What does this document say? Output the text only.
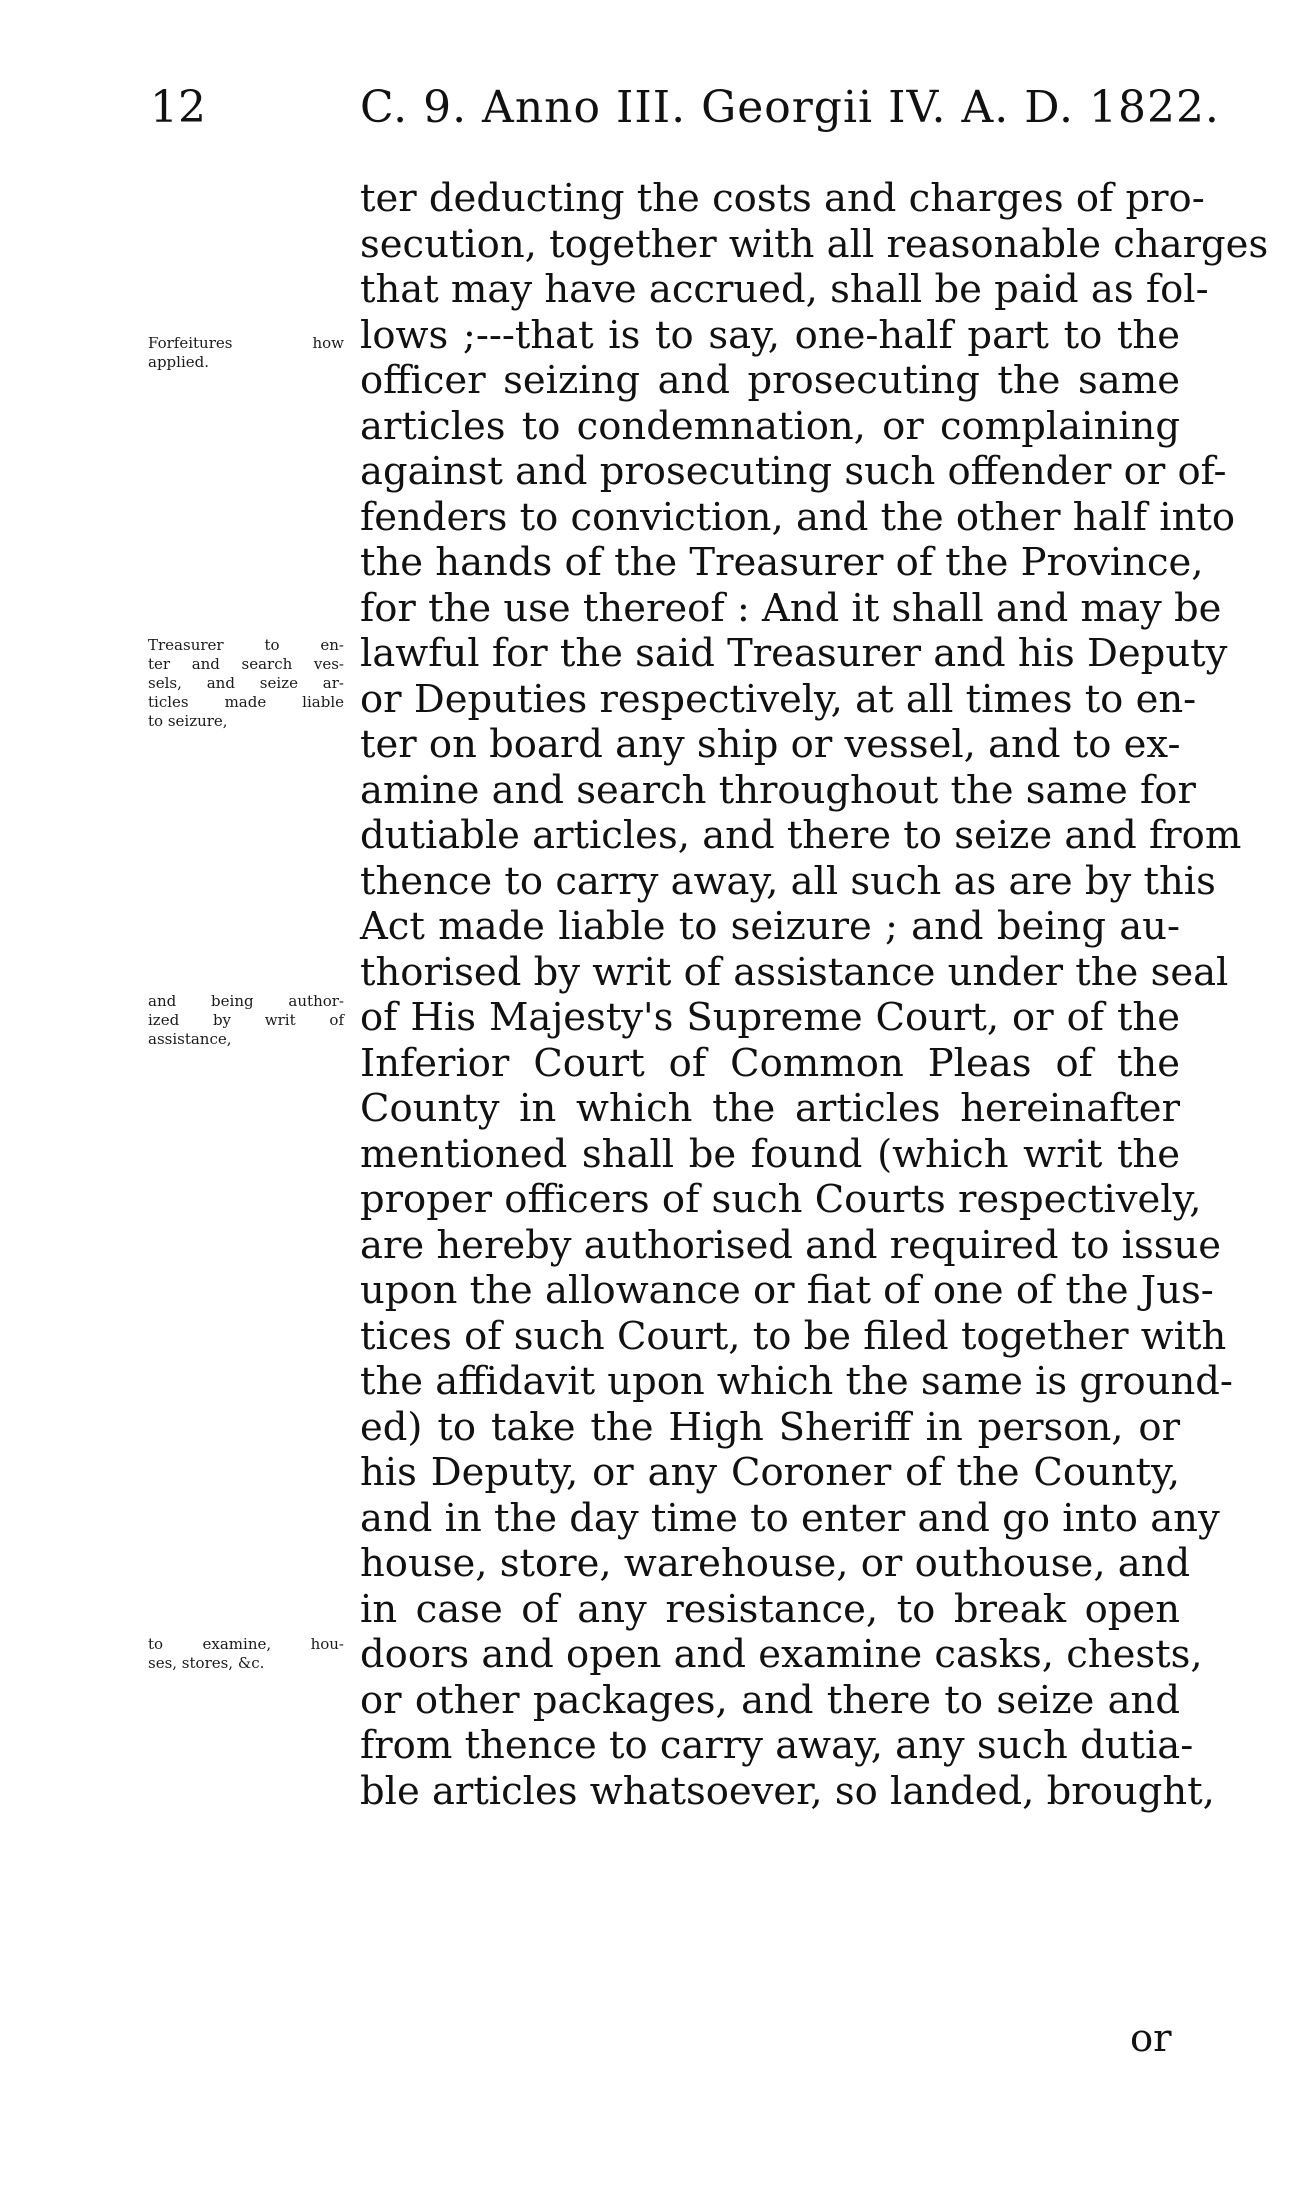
12	C. 9. Anno III. Georgii IV. A. D. 1822.
Forfeitures how
applied.
Treasurer to en-
ter and search ves-
sels, and seize ar-
ticles made liable
to seizure,
and being author-
ized by writ of
assistance,
to examine, hou-
ses, stores, &c.
ter deducting the costs and charges of pro-
secution, together with all reasonable charges
that may have accrued, shall be paid as fol-
lows ;---that is to say, one-half part to the
officer seizing and prosecuting the same
articles to condemnation, or complaining
against and prosecuting such offender or of-
fenders to conviction, and the other half into
the hands of the Treasurer of the Province,
for the use thereof : And it shall and may be
lawful for the said Treasurer and his Deputy
or Deputies respectively, at all times to en-
ter on board any ship or vessel, and to ex-
amine and search throughout the same for
dutiable articles, and there to seize and from
thence to carry away, all such as are by this
Act made liable to seizure ; and being au-
thorised by writ of assistance under the seal
of His Majesty's Supreme Court, or of the
Inferior Court of Common Pleas of the
County in which the articles hereinafter
mentioned shall be found (which writ the
proper officers of such Courts respectively,
are hereby authorised and required to issue
upon the allowance or fiat of one of the Jus-
tices of such Court, to be filed together with
the affidavit upon which the same is ground-
ed) to take the High Sheriff in person, or
his Deputy, or any Coroner of the County,
and in the day time to enter and go into any
house, store, warehouse, or outhouse, and
in case of any resistance, to break open
doors and open and examine casks, chests,
or other packages, and there to seize and
from thence to carry away, any such dutia-
ble articles whatsoever, so landed, brought,
or
